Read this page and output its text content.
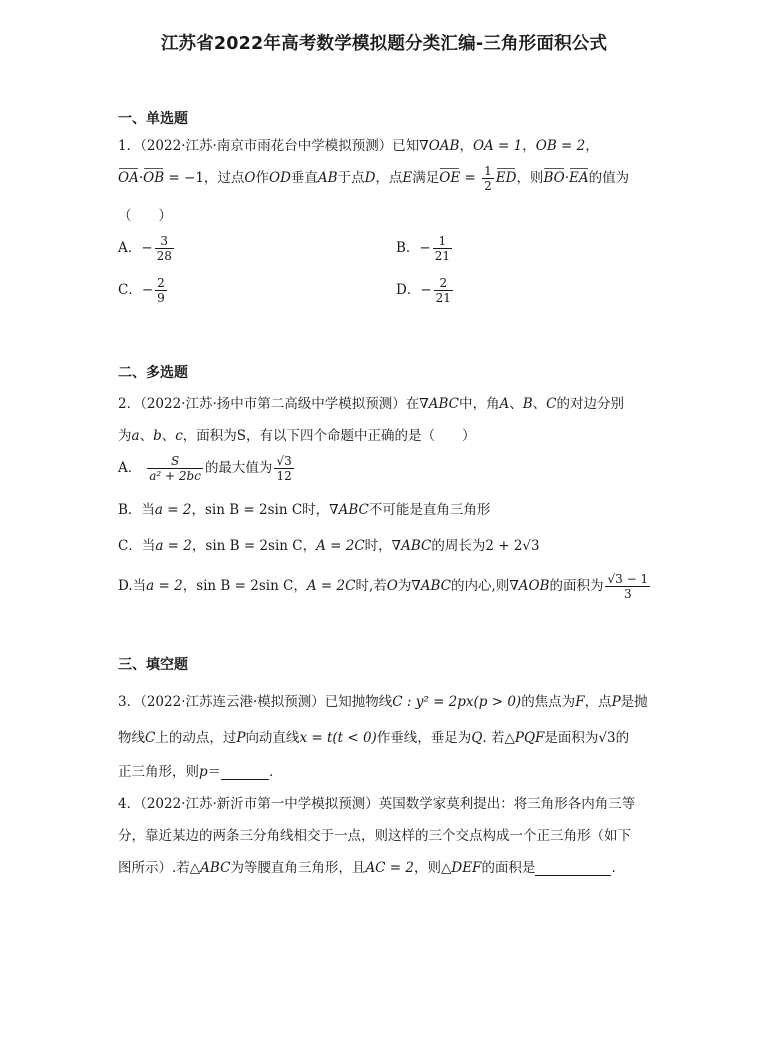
江苏省2022年高考数学模拟题分类汇编-三角形面积公式
一、单选题
1．（2022·江苏·南京市雨花台中学模拟预测）已知∇OAB，OA = 1，OB = 2，
OA·OB = −1，过点O作OD垂直AB于点D，点E满足OE = $\frac{1}{2}$ ED，则BO·EA的值为
（　　）
A．− $\frac{3}{28}$	B．− $\frac{1}{21}$
C．− $\frac{2}{9}$	D．− $\frac{2}{21}$
二、多选题
2．（2022·江苏·扬中市第二高级中学模拟预测）在∇ABC中，角A、B、C的对边分别
为a、b、c，面积为S，有以下四个命题中正确的是（　　）
A． $\frac{S}{\text{a² + 2bc}}$ 的最大值为 $\frac{√3}{12}$
B．当a = 2，sin B = 2sin C时，∇ABC不可能是直角三角形
C．当a = 2，sin B = 2sin C，A = 2C时，∇ABC的周长为2 + 2√3
D.当a = 2，sin B = 2sin C，A = 2C时,若O为∇ABC的内心,则∇AOB的面积为 $\frac{√3 - 1}{3}$
三、填空题
3．（2022·江苏连云港·模拟预测）已知抛物线C : y² = 2px(p > 0)的焦点为F，点P是抛
物线C上的动点，过P向动直线x = t(t < 0)作垂线，垂足为Q. 若△PQF是面积为√3的
正三角形，则p＝	．
4．（2022·江苏·新沂市第一中学模拟预测）英国数学家莫利提出：将三角形各内角三等
分，靠近某边的两条三分角线相交于一点，则这样的三个交点构成一个正三角形（如下
图所示）.若△ABC为等腰直角三角形，且AC = 2，则△DEF的面积是	.
